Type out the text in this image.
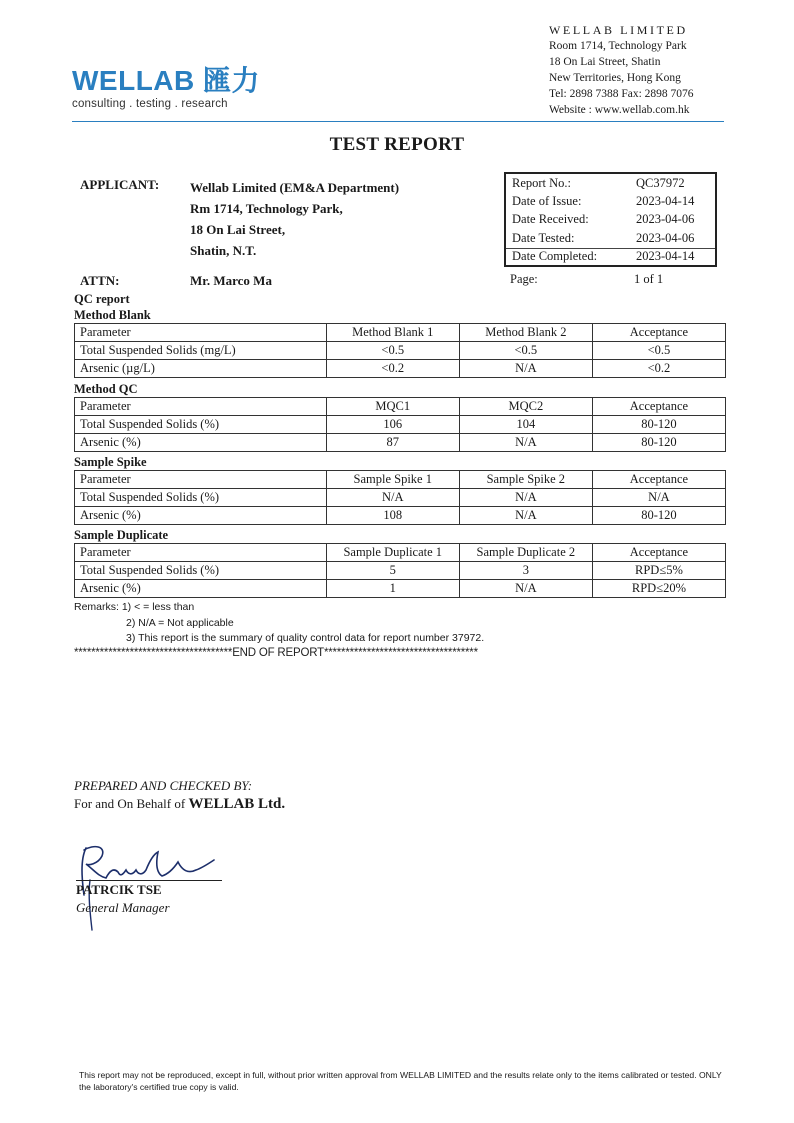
WELLAB 匯力
consulting . testing . research
WELLAB LIMITED
Room 1714, Technology Park
18 On Lai Street, Shatin
New Territories, Hong Kong
Tel: 2898 7388 Fax: 2898 7076
Website : www.wellab.com.hk
TEST REPORT
APPLICANT: Wellab Limited (EM&A Department)
Rm 1714, Technology Park,
18 On Lai Street,
Shatin, N.T.
ATTN:	Mr. Marco Ma
Report No.:	QC37972
Date of Issue:	2023-04-14
Date Received:	2023-04-06
Date Tested:	2023-04-06
Date Completed:	2023-04-14
Page:	1 of 1
QC report
Method Blank
Parameter	Method Blank 1	Method Blank 2	Acceptance
Total Suspended Solids (mg/L)	<0.5	<0.5	<0.5
Arsenic (µg/L)	<0.2	N/A	<0.2
Method QC
Parameter	MQC1	MQC2	Acceptance
Total Suspended Solids (%)	106	104	80-120
Arsenic (%)	87	N/A	80-120
Sample Spike
Parameter	Sample Spike 1	Sample Spike 2	Acceptance
Total Suspended Solids (%)	N/A	N/A	N/A
Arsenic (%)	108	N/A	80-120
Sample Duplicate
Parameter	Sample Duplicate 1	Sample Duplicate 2	Acceptance
Total Suspended Solids (%)	5	3	RPD≤5%
Arsenic (%)	1	N/A	RPD≤20%
Remarks: 1) < = less than
2) N/A = Not applicable
3) This report is the summary of quality control data for report number 37972.
*************************************END OF REPORT************************************
PREPARED AND CHECKED BY:
For and On Behalf of WELLAB Ltd.
PATRCIK TSE
General Manager
This report may not be reproduced, except in full, without prior written approval from WELLAB LIMITED and the results relate only to the items calibrated or tested. ONLY the laboratory's certified true copy is valid.
